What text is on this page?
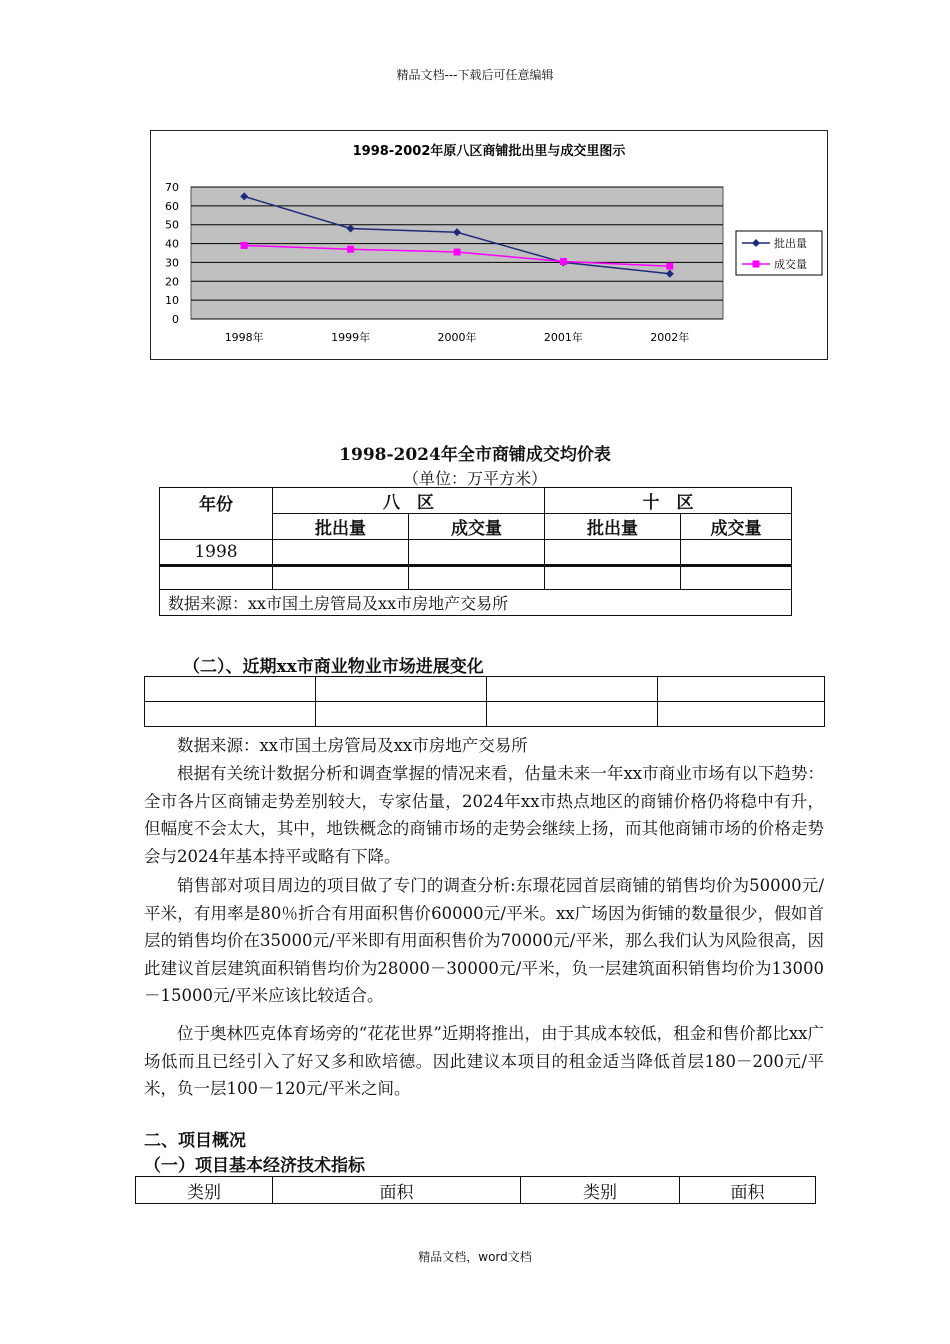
精品文档---下载后可任意编辑
1998-2002年原八区商铺批出里与成交里图示
0
10
20
30
40
50
60
70
1998年	1999年	2000年	2001年	2002年
批出量
成交量
1998-2024年全市商铺成交均价表
（单位：万平方米）
年份	八　区		十　区	
	批出量	成交量	批出量	成交量
1998				

数据来源：xx市国土房管局及xx市房地产交易所				
（二）、近期xx市商业物业市场进展变化

数据来源：xx市国土房管局及xx市房地产交易所
根据有关统计数据分析和调查掌握的情况来看，估量未来一年xx市商业市场有以下趋势：全市各片区商铺走势差别较大，专家估量，2024年xx市热点地区的商铺价格仍将稳中有升，但幅度不会太大，其中，地铁概念的商铺市场的走势会继续上扬，而其他商铺市场的价格走势会与2024年基本持平或略有下降。
销售部对项目周边的项目做了专门的调查分析:东璟花园首层商铺的销售均价为50000元/平米，有用率是80％折合有用面积售价60000元/平米。xx广场因为街铺的数量很少，假如首层的销售均价在35000元/平米即有用面积售价为70000元/平米，那么我们认为风险很高，因此建议首层建筑面积销售均价为28000－30000元/平米，负一层建筑面积销售均价为13000－15000元/平米应该比较适合。
位于奥林匹克体育场旁的“花花世界”近期将推出，由于其成本较低，租金和售价都比xx广场低而且已经引入了好又多和欧培德。因此建议本项目的租金适当降低首层180－200元/平米，负一层100－120元/平米之间。
二、项目概况
（一）项目基本经济技术指标
类别	面积	类别	面积
精品文档，word文档
